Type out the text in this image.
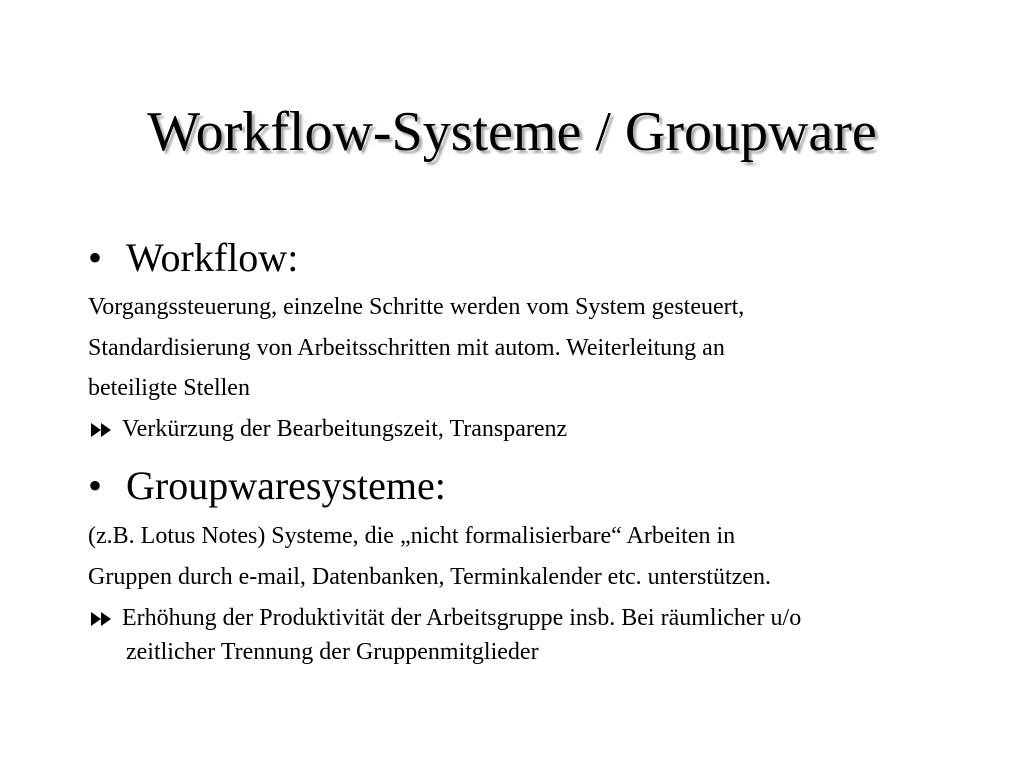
Workflow-Systeme / Groupware
• Workflow:
Vorgangssteuerung, einzelne Schritte werden vom System gesteuert,
Standardisierung von Arbeitsschritten mit autom. Weiterleitung an
beteiligte Stellen
Verkürzung der Bearbeitungszeit, Transparenz
• Groupwaresysteme:
(z.B. Lotus Notes) Systeme, die „nicht formalisierbare“ Arbeiten in
Gruppen durch e-mail, Datenbanken, Terminkalender etc. unterstützen.
Erhöhung der Produktivität der Arbeitsgruppe insb. Bei räumlicher u/o
zeitlicher Trennung der Gruppenmitglieder
